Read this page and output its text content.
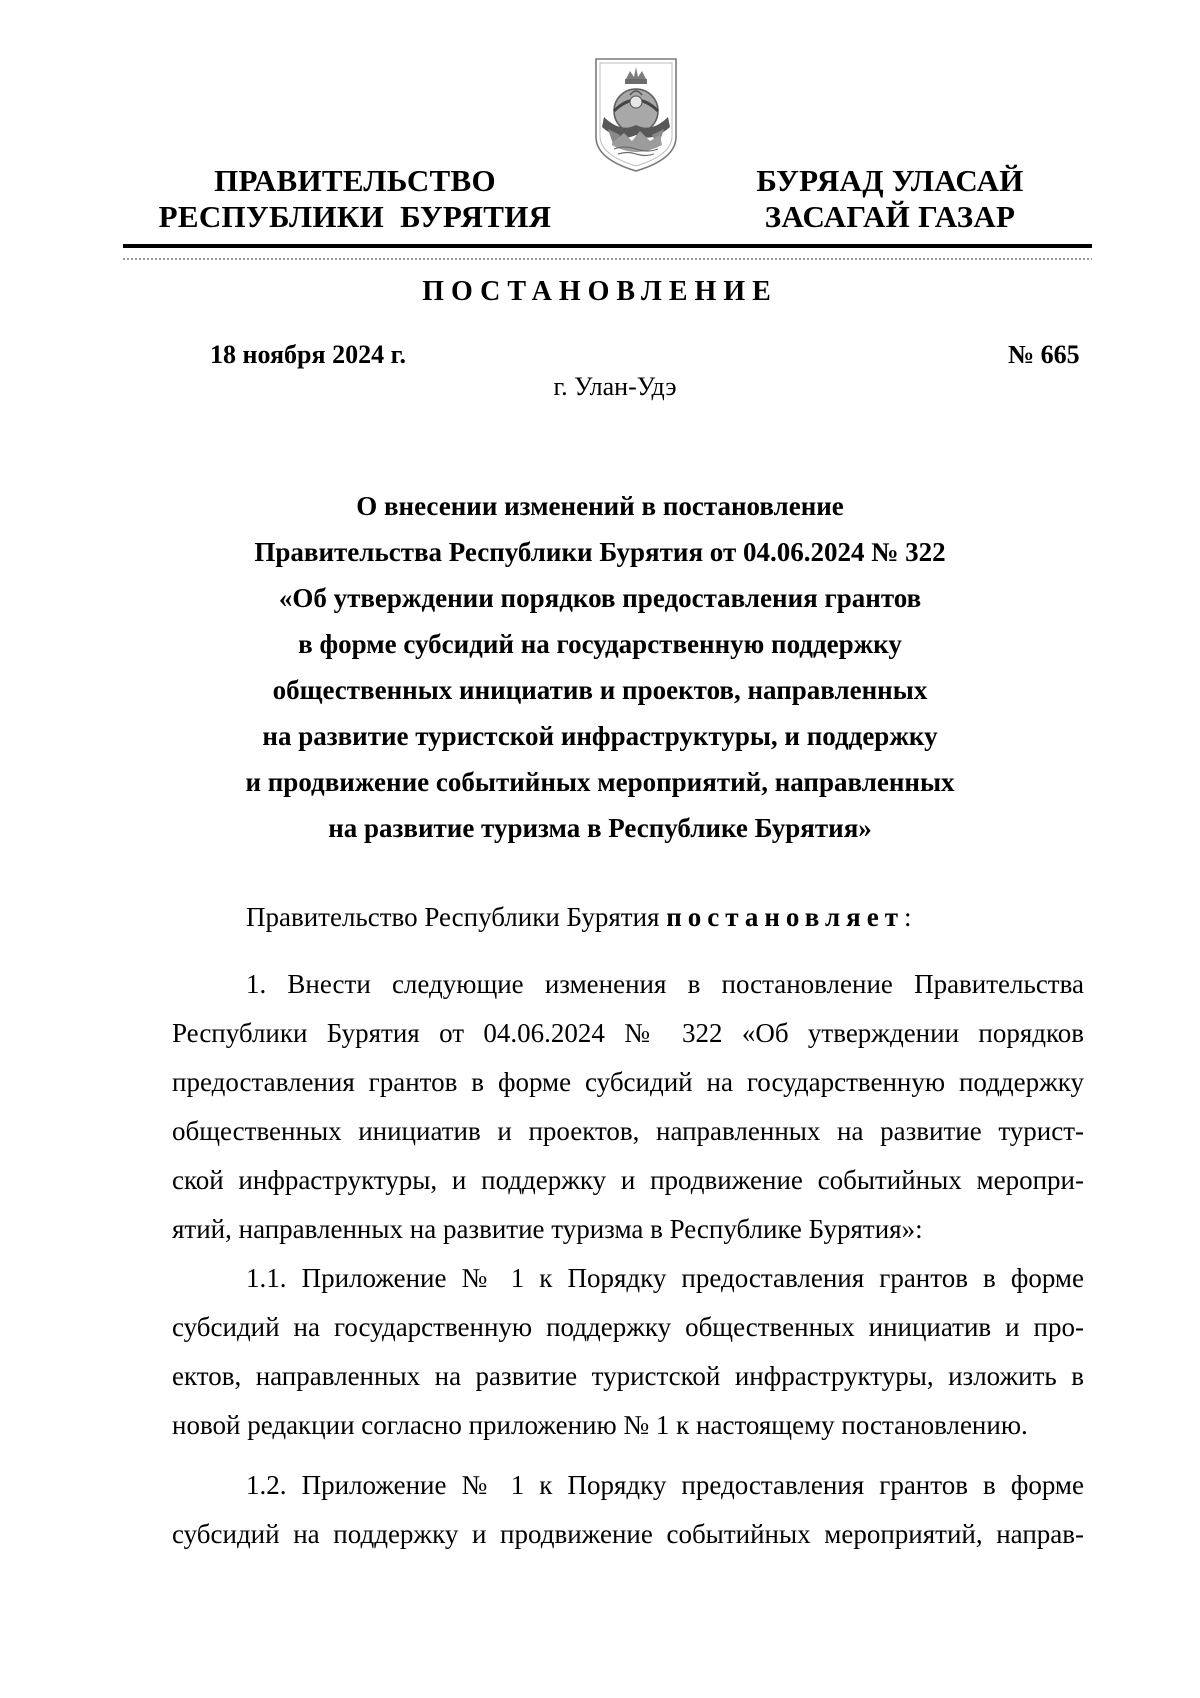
ПРАВИТЕЛЬСТВО
РЕСПУБЛИКИ  БУРЯТИЯ
БУРЯАД УЛАСАЙ
ЗАСАГАЙ ГАЗАР
ПОСТАНОВЛЕНИЕ
18 ноября 2024 г.	№ 665
г. Улан-Удэ
О внесении изменений в постановление
Правительства Республики Бурятия от 04.06.2024 № 322
«Об утверждении порядков предоставления грантов
в форме субсидий на государственную поддержку
общественных инициатив и проектов, направленных
на развитие туристской инфраструктуры, и поддержку
и продвижение событийных мероприятий, направленных
на развитие туризма в Республике Бурятия»
Правительство Республики Бурятия постановляет:
1. Внести следующие изменения в постановление Правительства
Республики Бурятия от 04.06.2024 № 322 «Об утверждении порядков
предоставления грантов в форме субсидий на государственную поддержку
общественных инициатив и проектов, направленных на развитие турист-
ской инфраструктуры, и поддержку и продвижение событийных меропри-
ятий, направленных на развитие туризма в Республике Бурятия»:
1.1. Приложение № 1 к Порядку предоставления грантов в форме
субсидий на государственную поддержку общественных инициатив и про-
ектов, направленных на развитие туристской инфраструктуры, изложить в
новой редакции согласно приложению № 1 к настоящему постановлению.
1.2. Приложение № 1 к Порядку предоставления грантов в форме
субсидий на поддержку и продвижение событийных мероприятий, направ-
